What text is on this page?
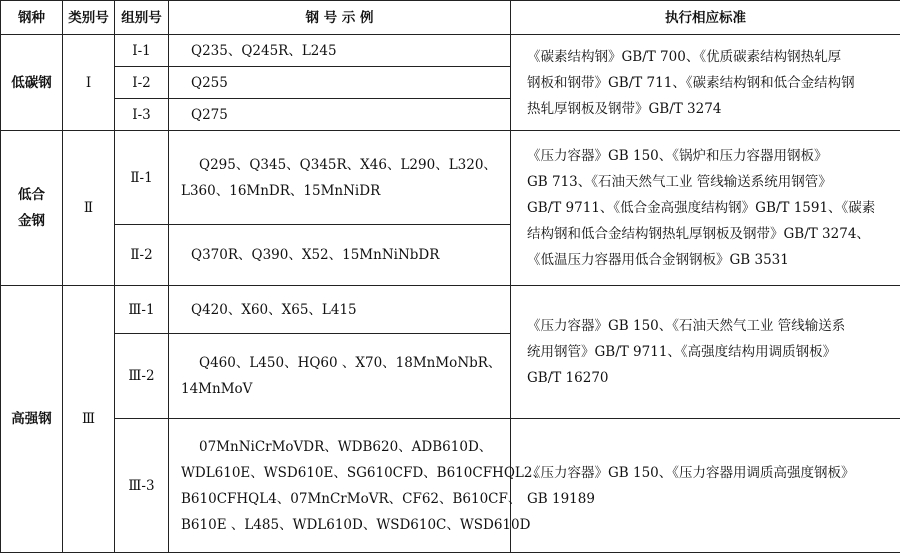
钢种	类别号	组别号	钢 号 示 例	执行相应标准
低碳钢	Ⅰ	Ⅰ-1	Q235、Q245R、L245	《碳素结构钢》GB/T 700、《优质碳素结构钢热轧厚
钢板和钢带》GB/T 711、《碳素结构钢和低合金结构钢
热轧厚钢板及钢带》GB/T 3274

		Ⅰ-2	Q255	
		Ⅰ-3	Q275	

低合
金钢	Ⅱ	Ⅱ-1	Q295、Q345、Q345R、X46、L290、L320、
L360、16MnDR、15MnNiDR	《压力容器》GB 150、《锅炉和压力容器用钢板》
GB 713、《石油天然气工业 管线输送系统用钢管》
GB/T 9711、《低合金高强度结构钢》GB/T 1591、《碳素
结构钢和低合金结构钢热轧厚钢板及钢带》GB/T 3274、
《低温压力容器用低合金钢钢板》GB 3531

		Ⅱ-2	Q370R、Q390、X52、15MnNiNbDR	
高强钢	Ⅲ	Ⅲ-1	Q420、X60、X65、L415	《压力容器》GB 150、《石油天然气工业 管线输送系
统用钢管》GB/T 9711、《高强度结构用调质钢板》
GB/T 16270

		Ⅲ-2	Q460、L450、HQ60 、X70、18MnMoNbR、
14MnMoV	

		Ⅲ-3	07MnNiCrMoVDR、WDB620、ADB610D、
WDL610E、WSD610E、SG610CFD、B610CFHQL2、
B610CFHQL4、07MnCrMoVR、CF62、B610CF、
B610E 、L485、WDL610D、WSD610C、WSD610D	《压力容器》GB 150、《压力容器用调质高强度钢板》
GB 19189
